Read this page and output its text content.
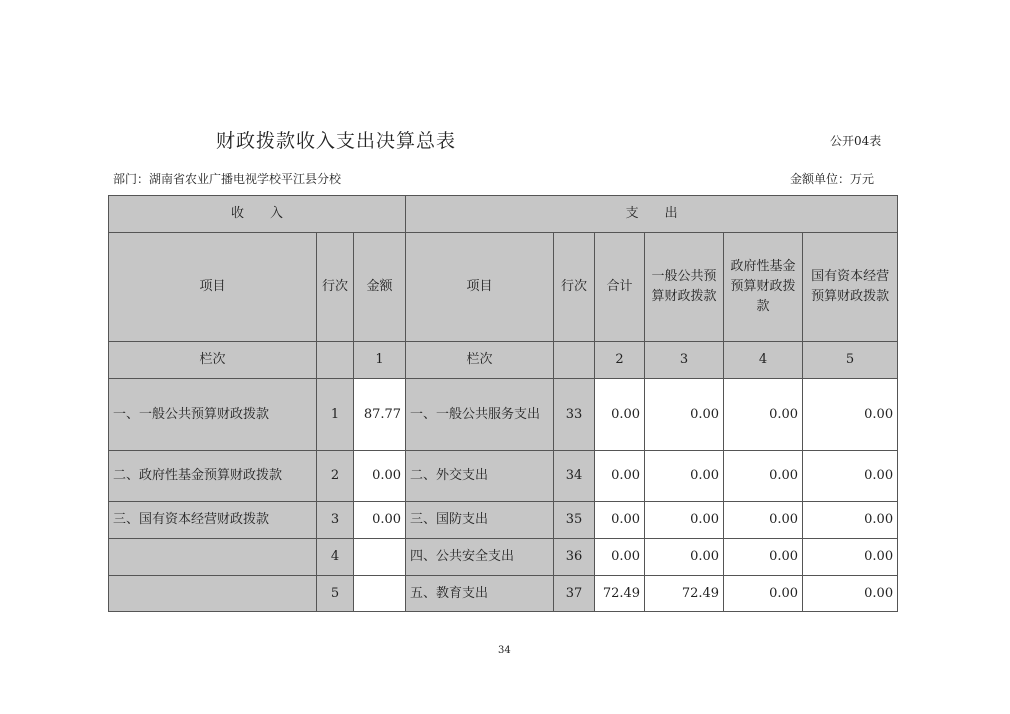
财政拨款收入支出决算总表	公开04表
部门：湖南省农业广播电视学校平江县分校	金额单位：万元
收　　入			支　　出					
项目	行次	金额	项目	行次	合计	一般公共预算财政拨款	政府性基金预算财政拨款	国有资本经营预算财政拨款
栏次		1	栏次		2	3	4	5
一、一般公共预算财政拨款	1	87.77	一、一般公共服务支出	33	0.00	0.00	0.00	0.00
二、政府性基金预算财政拨款	2	0.00	二、外交支出	34	0.00	0.00	0.00	0.00
三、国有资本经营财政拨款	3	0.00	三、国防支出	35	0.00	0.00	0.00	0.00
	4		四、公共安全支出	36	0.00	0.00	0.00	0.00
	5		五、教育支出	37	72.49	72.49	0.00	0.00
34
